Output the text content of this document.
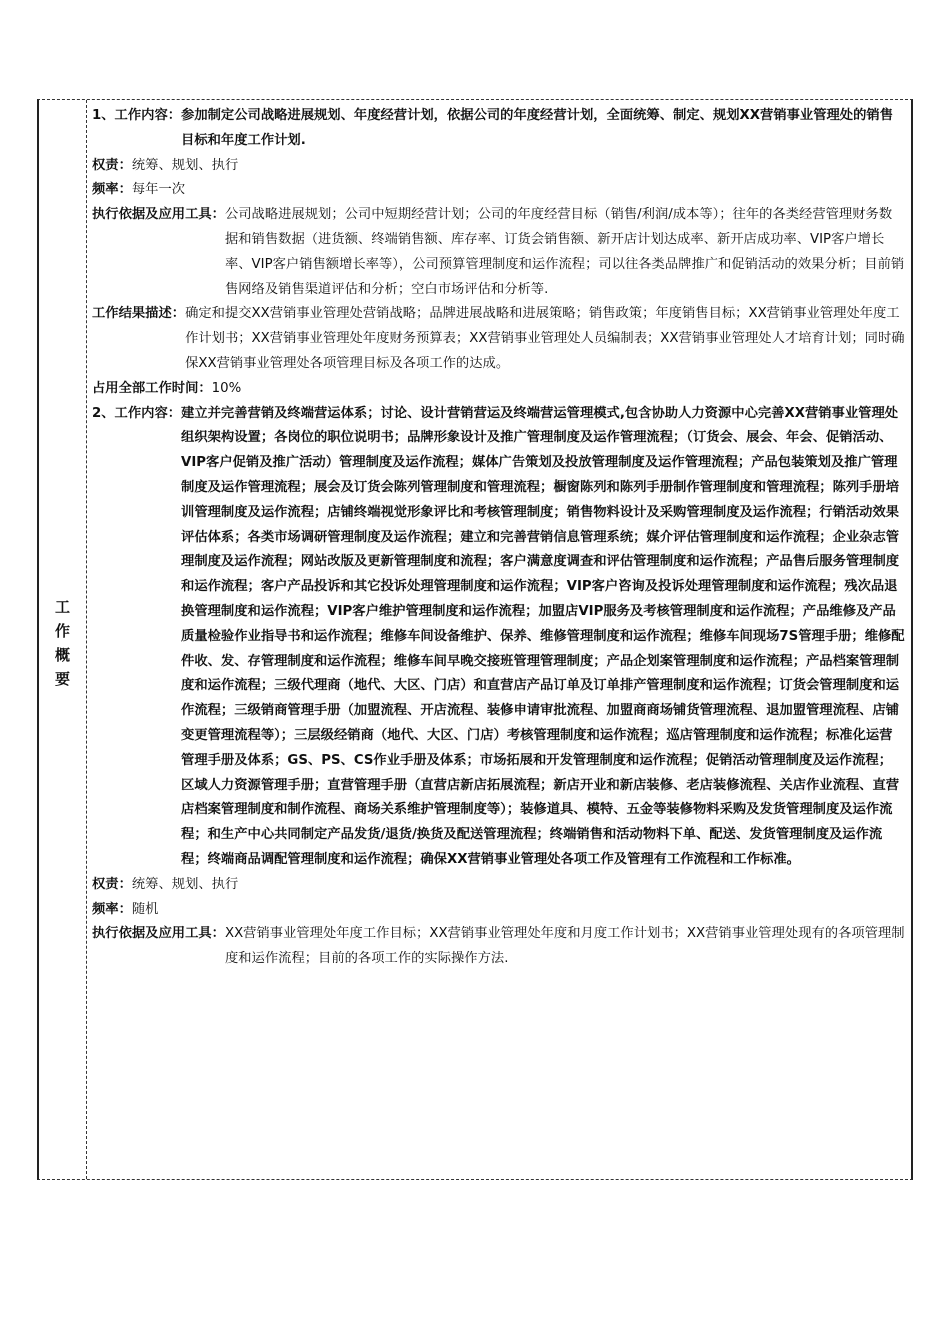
工
作
概
要
1、工作内容： 参加制定公司战略进展规划、年度经营计划，依据公司的年度经营计划，全面统筹、制定、规划XX营销事业管理处的销售目标和年度工作计划.
权责： 统筹、规划、执行
频率： 每年一次
执行依据及应用工具： 公司战略进展规划；公司中短期经营计划；公司的年度经营目标（销售/利润/成本等）；往年的各类经营管理财务数据和销售数据（进货额、终端销售额、库存率、订货会销售额、新开店计划达成率、新开店成功率、VIP客户增长率、VIP客户销售额增长率等），公司预算管理制度和运作流程；司以往各类品牌推广和促销活动的效果分析；目前销售网络及销售渠道评估和分析；空白市场评估和分析等.
工作结果描述： 确定和提交XX营销事业管理处营销战略；品牌进展战略和进展策略；销售政策；年度销售目标；XX营销事业管理处年度工作计划书；XX营销事业管理处年度财务预算表；XX营销事业管理处人员编制表；XX营销事业管理处人才培育计划；同时确保XX营销事业管理处各项管理目标及各项工作的达成。
占用全部工作时间： 10%
2、工作内容： 建立并完善营销及终端营运体系；讨论、设计营销营运及终端营运管理模式,包含协助人力资源中心完善XX营销事业管理处组织架构设置；各岗位的职位说明书；品牌形象设计及推广管理制度及运作管理流程；（订货会、展会、年会、促销活动、VIP客户促销及推广活动）管理制度及运作流程；媒体广告策划及投放管理制度及运作管理流程；产品包装策划及推广管理制度及运作管理流程；展会及订货会陈列管理制度和管理流程；橱窗陈列和陈列手册制作管理制度和管理流程；陈列手册培训管理制度及运作流程；店铺终端视觉形象评比和考核管理制度；销售物料设计及采购管理制度及运作流程；行销活动效果评估体系；各类市场调研管理制度及运作流程；建立和完善营销信息管理系统；媒介评估管理制度和运作流程；企业杂志管理制度及运作流程；网站改版及更新管理制度和流程；客户满意度调查和评估管理制度和运作流程；产品售后服务管理制度和运作流程；客户产品投诉和其它投诉处理管理制度和运作流程；VIP客户咨询及投诉处理管理制度和运作流程；残次品退换管理制度和运作流程；VIP客户维护管理制度和运作流程；加盟店VIP服务及考核管理制度和运作流程；产品维修及产品质量检验作业指导书和运作流程；维修车间设备维护、保养、维修管理制度和运作流程；维修车间现场7S管理手册；维修配件收、发、存管理制度和运作流程；维修车间早晚交接班管理管理制度；产品企划案管理制度和运作流程；产品档案管理制度和运作流程；三级代理商（地代、大区、门店）和直营店产品订单及订单排产管理制度和运作流程；订货会管理制度和运作流程；三级销商管理手册（加盟流程、开店流程、装修申请审批流程、加盟商商场铺货管理流程、退加盟管理流程、店铺变更管理流程等）；三层级经销商（地代、大区、门店）考核管理制度和运作流程；巡店管理制度和运作流程；标准化运营管理手册及体系；GS、PS、CS作业手册及体系；市场拓展和开发管理制度和运作流程；促销活动管理制度及运作流程；区域人力资源管理手册；直营管理手册（直营店新店拓展流程；新店开业和新店装修、老店装修流程、关店作业流程、直营店档案管理制度和制作流程、商场关系维护管理制度等）；装修道具、模特、五金等装修物料采购及发货管理制度及运作流程；和生产中心共同制定产品发货/退货/换货及配送管理流程；终端销售和活动物料下单、配送、发货管理制度及运作流程；终端商品调配管理制度和运作流程；确保XX营销事业管理处各项工作及管理有工作流程和工作标准。
权责： 统筹、规划、执行
频率： 随机
执行依据及应用工具： XX营销事业管理处年度工作目标；XX营销事业管理处年度和月度工作计划书；XX营销事业管理处现有的各项管理制度和运作流程；目前的各项工作的实际操作方法.
